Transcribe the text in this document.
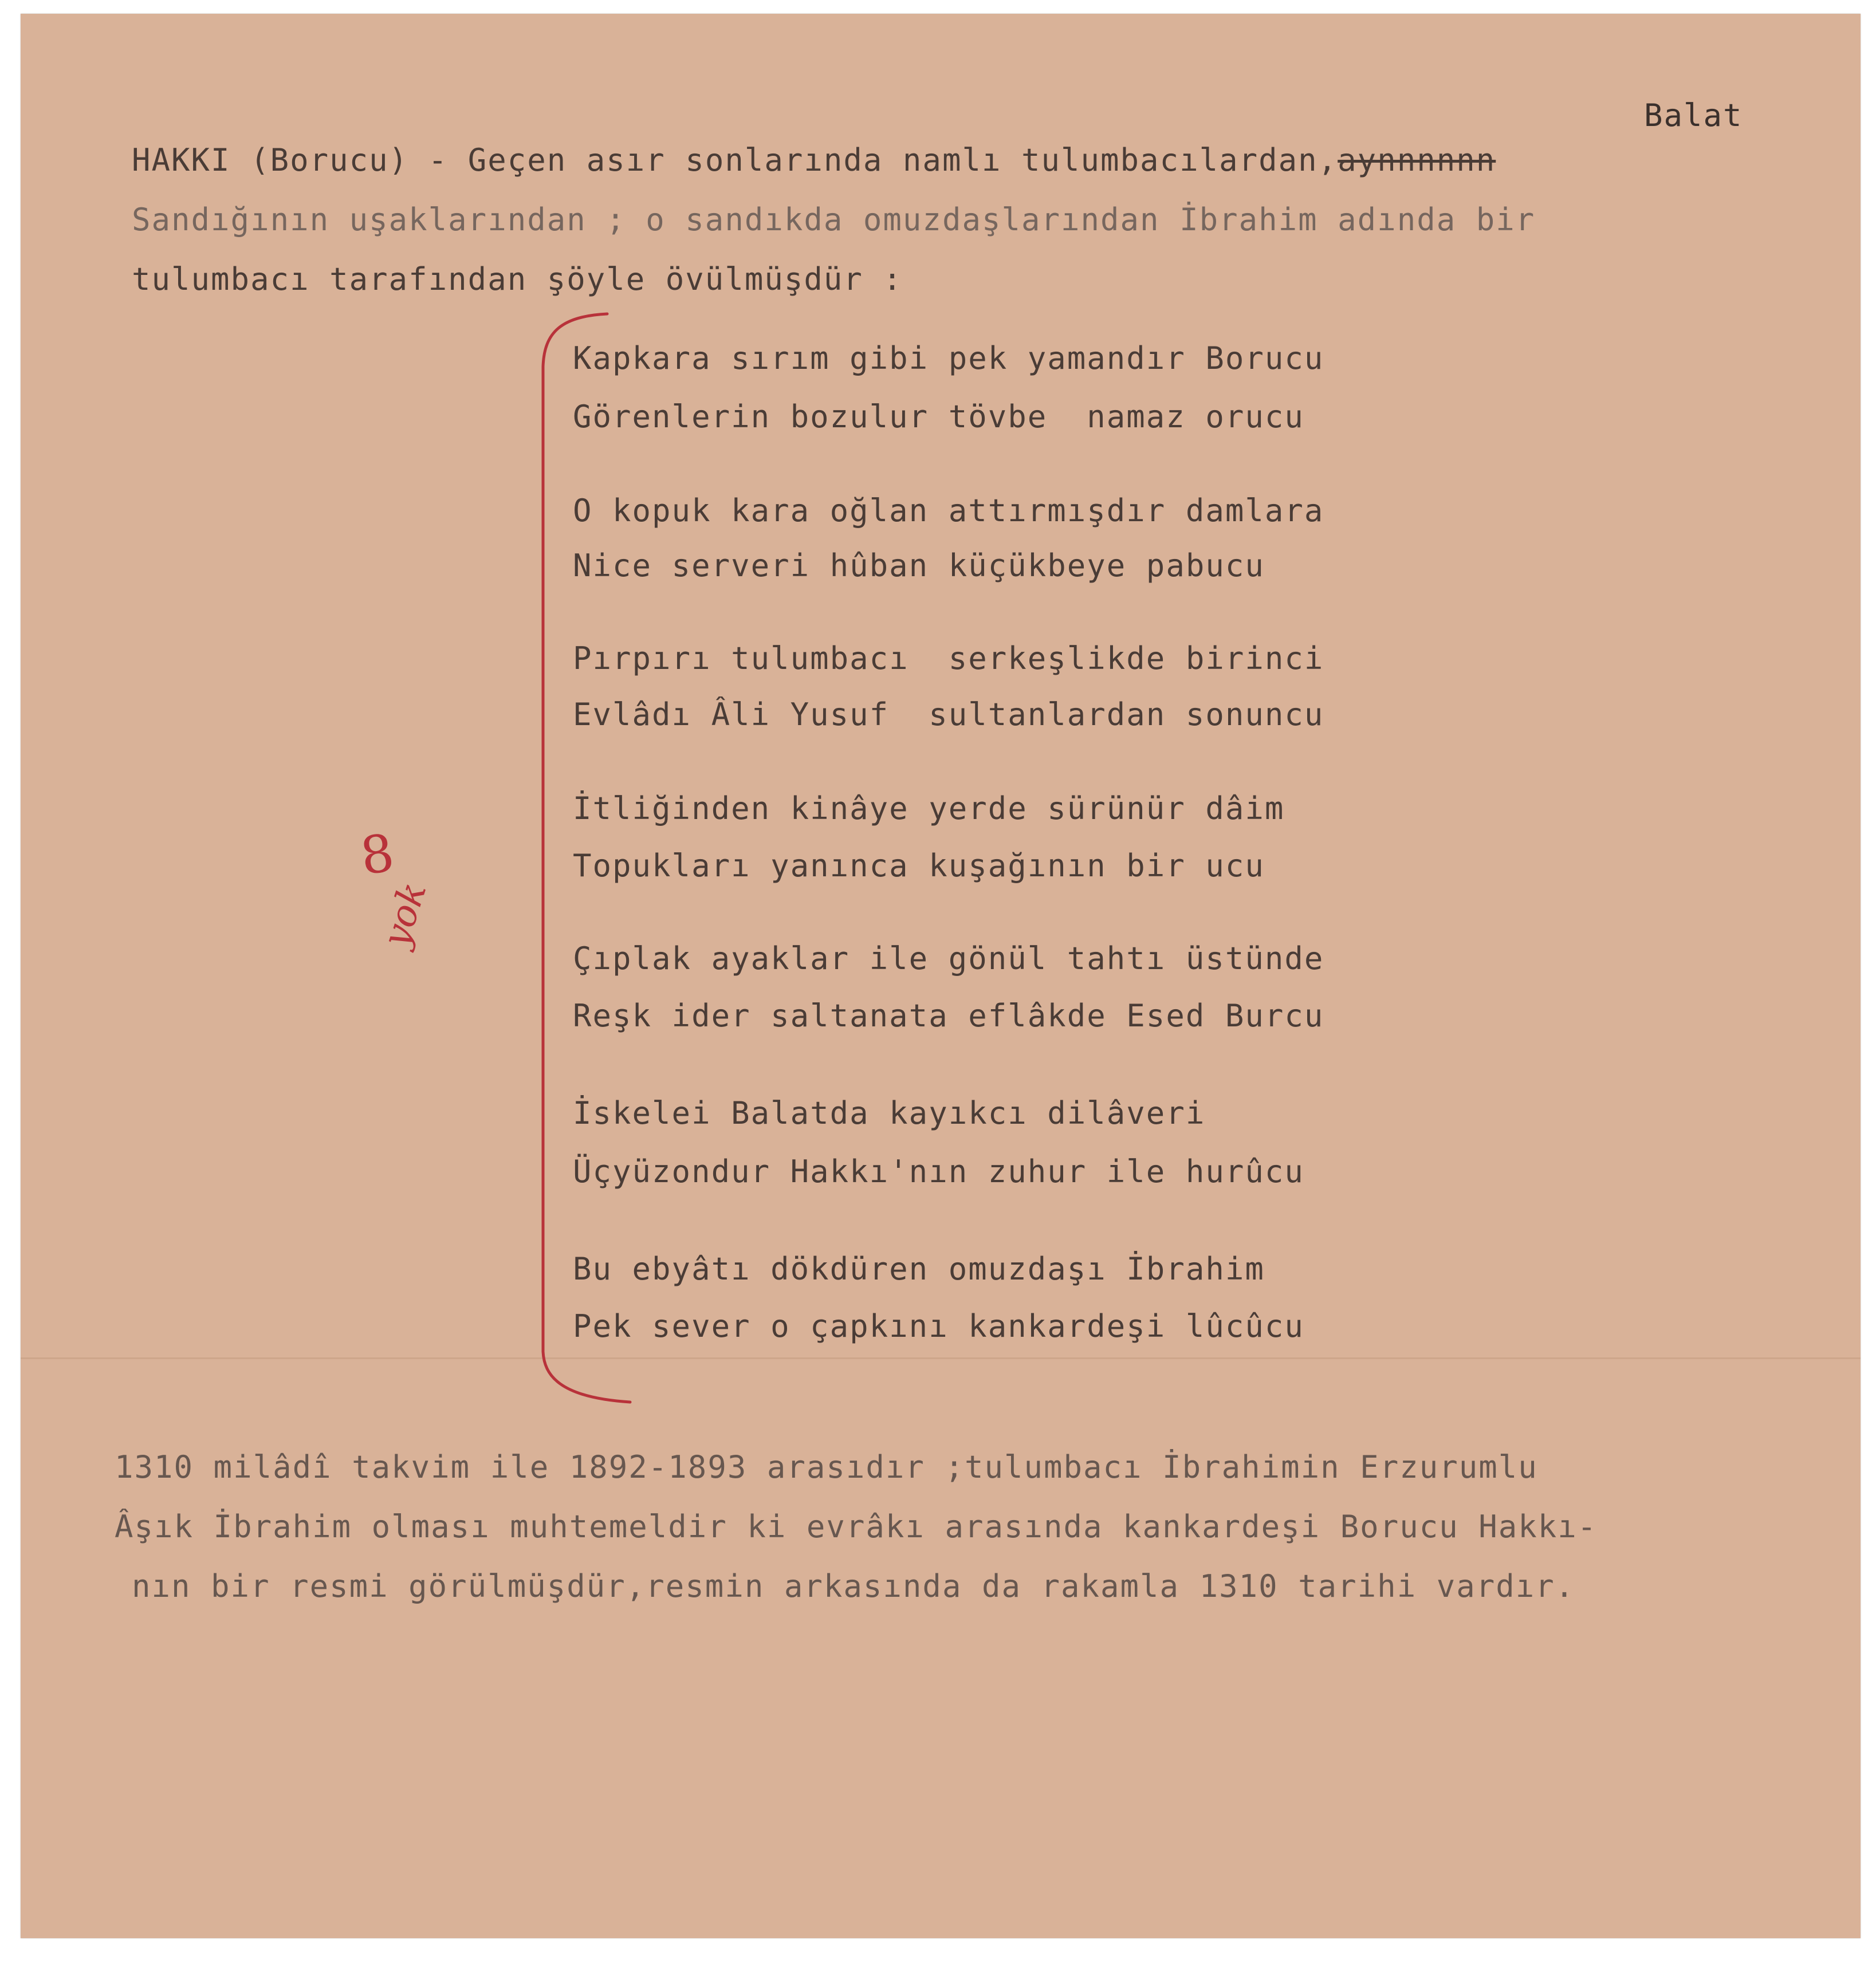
Balat
HAKKI (Borucu) - Geçen asır sonlarında namlı tulumbacılardan,aynnnnnn
Sandığının uşaklarından ; o sandıkda omuzdaşlarından İbrahim adında bir
tulumbacı tarafından şöyle övülmüşdür :
Kapkara sırım gibi pek yamandır Borucu
Görenlerin bozulur tövbe  namaz orucu
O kopuk kara oğlan attırmışdır damlara
Nice serveri hûban küçükbeye pabucu
Pırpırı tulumbacı  serkeşlikde birinci
Evlâdı Âli Yusuf  sultanlardan sonuncu
İtliğinden kinâye yerde sürünür dâim
Topukları yanınca kuşağının bir ucu
Çıplak ayaklar ile gönül tahtı üstünde
Reşk ider saltanata eflâkde Esed Burcu
İskelei Balatda kayıkcı dilâveri
Üçyüzondur Hakkı'nın zuhur ile hurûcu
Bu ebyâtı dökdüren omuzdaşı İbrahim
Pek sever o çapkını kankardeşi lûcûcu
8
yok
1310 milâdî takvim ile 1892-1893 arasıdır ;tulumbacı İbrahimin Erzurumlu
Âşık İbrahim olması muhtemeldir ki evrâkı arasında kankardeşi Borucu Hakkı-
nın bir resmi görülmüşdür,resmin arkasında da rakamla 1310 tarihi vardır.
